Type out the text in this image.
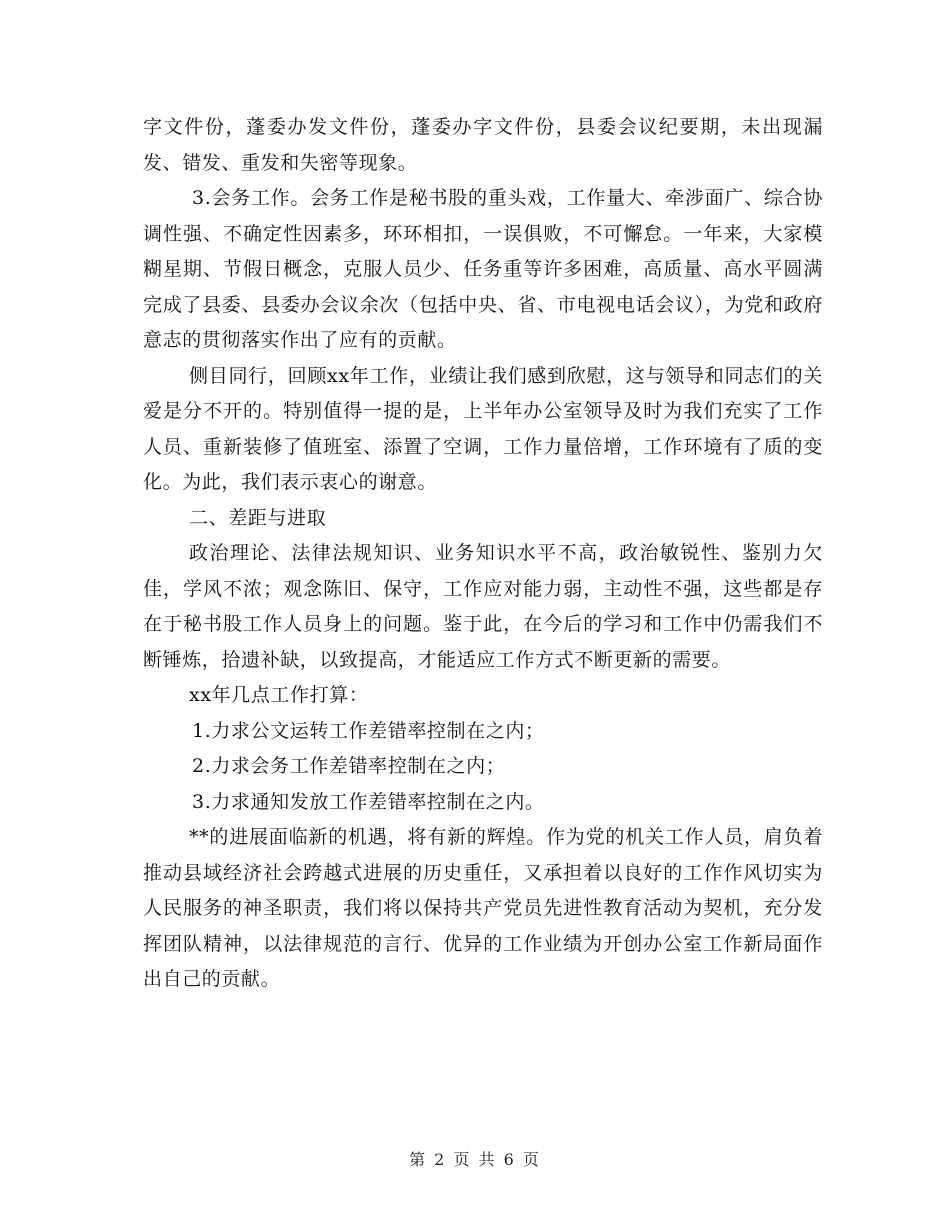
字文件份，蓬委办发文件份，蓬委办字文件份，县委会议纪要期，未出现漏发、错发、重发和失密等现象。

3.会务工作。会务工作是秘书股的重头戏，工作量大、牵涉面广、综合协调性强、不确定性因素多，环环相扣，一误俱败，不可懈怠。一年来，大家模糊星期、节假日概念，克服人员少、任务重等许多困难，高质量、高水平圆满完成了县委、县委办会议余次（包括中央、省、市电视电话会议），为党和政府意志的贯彻落实作出了应有的贡献。

侧目同行，回顾xx年工作，业绩让我们感到欣慰，这与领导和同志们的关爱是分不开的。特别值得一提的是，上半年办公室领导及时为我们充实了工作人员、重新装修了值班室、添置了空调，工作力量倍增，工作环境有了质的变化。为此，我们表示衷心的谢意。

二、差距与进取

政治理论、法律法规知识、业务知识水平不高，政治敏锐性、鉴别力欠佳，学风不浓；观念陈旧、保守，工作应对能力弱，主动性不强，这些都是存在于秘书股工作人员身上的问题。鉴于此，在今后的学习和工作中仍需我们不断锤炼，拾遗补缺，以致提高，才能适应工作方式不断更新的需要。

xx年几点工作打算：

1.力求公文运转工作差错率控制在之内；

2.力求会务工作差错率控制在之内；

3.力求通知发放工作差错率控制在之内。

**的进展面临新的机遇，将有新的辉煌。作为党的机关工作人员，肩负着推动县域经济社会跨越式进展的历史重任，又承担着以良好的工作作风切实为人民服务的神圣职责，我们将以保持共产党员先进性教育活动为契机，充分发挥团队精神，以法律规范的言行、优异的工作业绩为开创办公室工作新局面作出自己的贡献。

第 2 页 共 6 页
